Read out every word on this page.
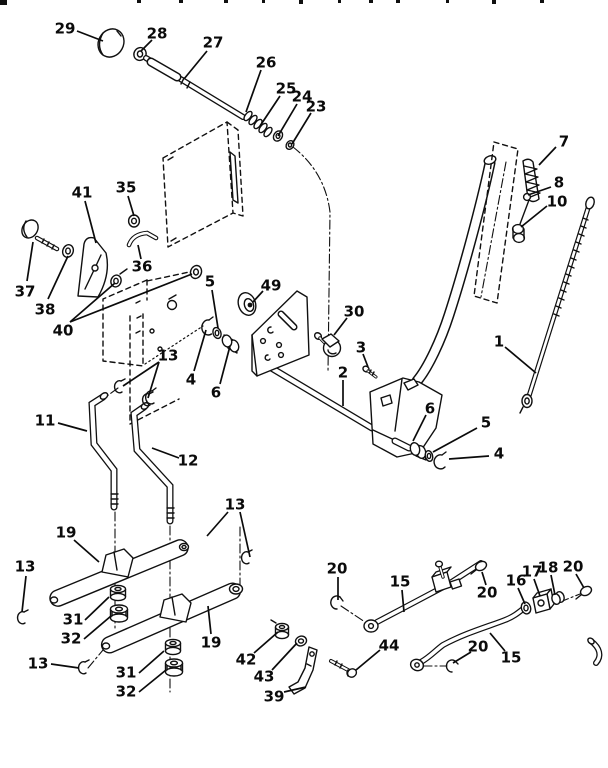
29	28 27
26
25
24
23
7
8
10
1
41 35
36
37
38
40
49
5
4
6
30
3
2
13
6
5
4
11
12
19
19
31
32
31
32
13
13
13
20
15
42
43
39
44
20
16
17
18 20
20
15
